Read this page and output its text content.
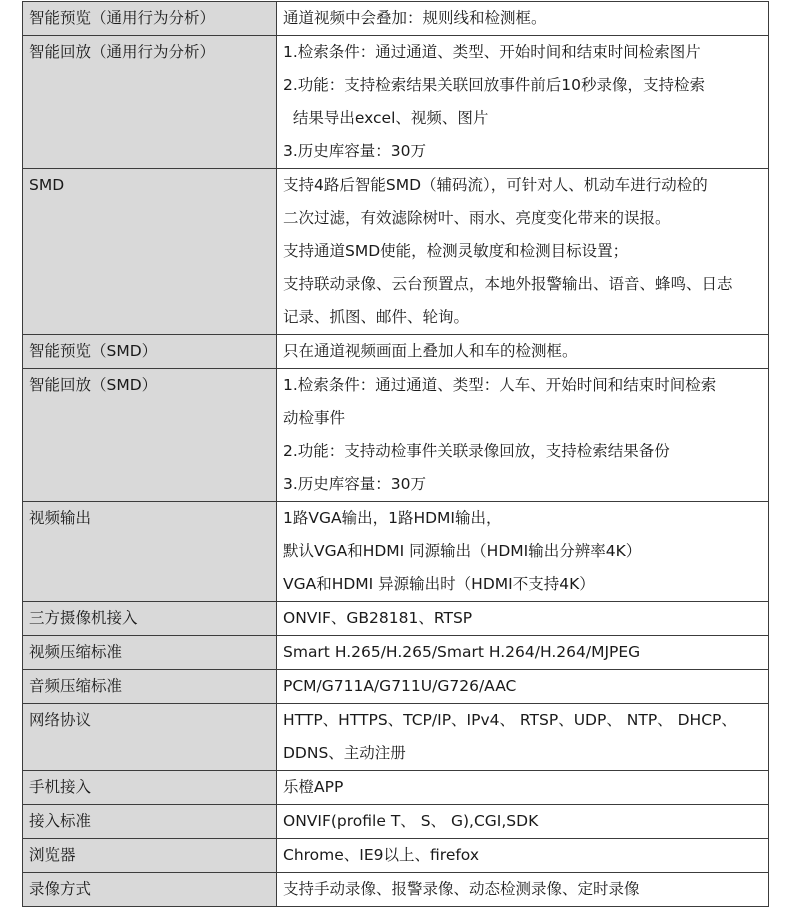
智能预览（通用行为分析）	通道视频中会叠加：规则线和检测框。

智能回放（通用行为分析）	1.检索条件：通过通道、类型、开始时间和结束时间检索图片
2.功能：支持检索结果关联回放事件前后10秒录像，支持检索
结果导出excel、视频、图片
3.历史库容量：30万

SMD	支持4路后智能SMD（辅码流），可针对人、机动车进行动检的
二次过滤，有效滤除树叶、雨水、亮度变化带来的误报。
支持通道SMD使能，检测灵敏度和检测目标设置；
支持联动录像、云台预置点，本地外报警输出、语音、蜂鸣、日志
记录、抓图、邮件、轮询。

智能预览（SMD）	只在通道视频画面上叠加人和车的检测框。

智能回放（SMD）	1.检索条件：通过通道、类型：人车、开始时间和结束时间检索
动检事件
2.功能：支持动检事件关联录像回放，支持检索结果备份
3.历史库容量：30万

视频输出	1路VGA输出，1路HDMI输出，
默认VGA和HDMI 同源输出（HDMI输出分辨率4K）
VGA和HDMI 异源输出时（HDMI不支持4K）

三方摄像机接入	ONVIF、GB28181、RTSP

视频压缩标准	Smart H.265/H.265/Smart H.264/H.264/MJPEG

音频压缩标准	PCM/G711A/G711U/G726/AAC

网络协议	HTTP、HTTPS、TCP/IP、IPv4、 RTSP、UDP、 NTP、 DHCP、
DDNS、主动注册

手机接入	乐橙APP

接入标准	ONVIF(profile T、 S、 G),CGI,SDK

浏览器	Chrome、IE9以上、firefox

录像方式	支持手动录像、报警录像、动态检测录像、定时录像
